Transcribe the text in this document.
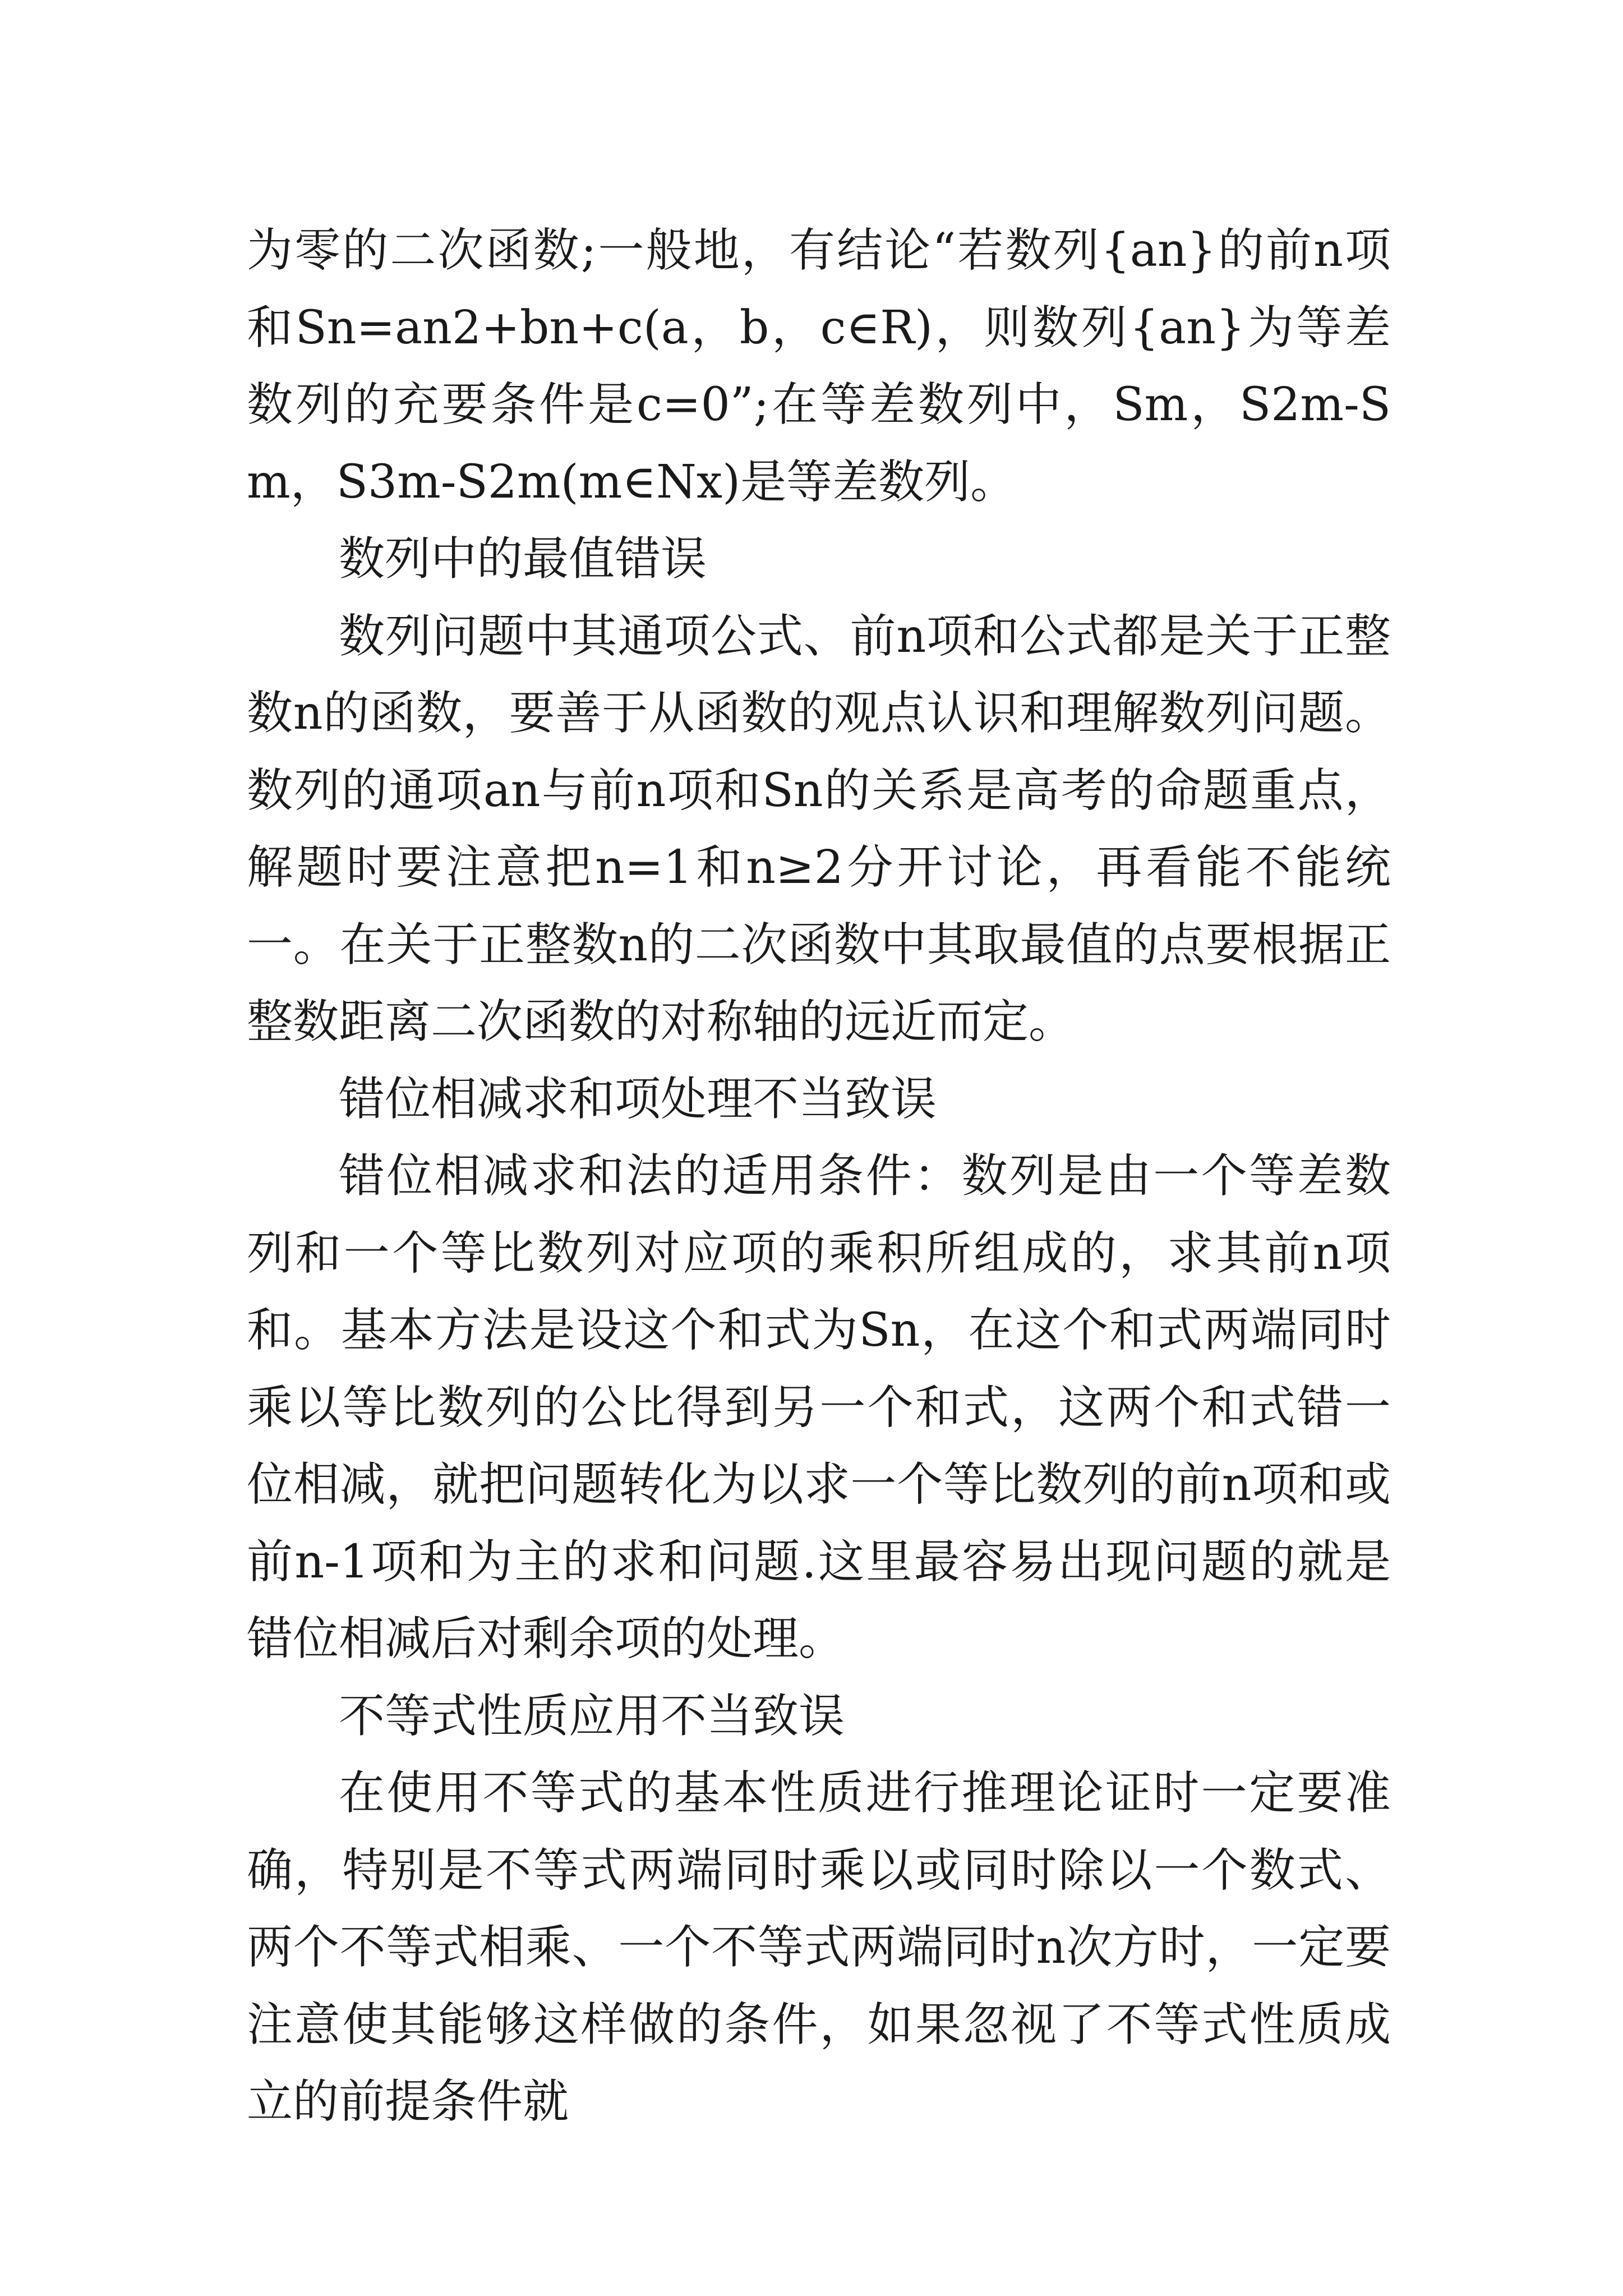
为零的二次函数;一般地，有结论“若数列{an}的前n项和Sn=an2+bn+c(a，b，c∈R)，则数列{an}为等差数列的充要条件是c=0”;在等差数列中，Sm，S2m-Sm，S3m-S2m(m∈Nx)是等差数列。

数列中的最值错误

数列问题中其通项公式、前n项和公式都是关于正整数n的函数，要善于从函数的观点认识和理解数列问题。数列的通项an与前n项和Sn的关系是高考的命题重点，解题时要注意把n=1和n≥2分开讨论，再看能不能统一。在关于正整数n的二次函数中其取最值的点要根据正整数距离二次函数的对称轴的远近而定。

错位相减求和项处理不当致误

错位相减求和法的适用条件：数列是由一个等差数列和一个等比数列对应项的乘积所组成的，求其前n项和。基本方法是设这个和式为Sn，在这个和式两端同时乘以等比数列的公比得到另一个和式，这两个和式错一位相减，就把问题转化为以求一个等比数列的前n项和或前n-1项和为主的求和问题.这里最容易出现问题的就是错位相减后对剩余项的处理。

不等式性质应用不当致误

在使用不等式的基本性质进行推理论证时一定要准确，特别是不等式两端同时乘以或同时除以一个数式、两个不等式相乘、一个不等式两端同时n次方时，一定要注意使其能够这样做的条件，如果忽视了不等式性质成立的前提条件就
